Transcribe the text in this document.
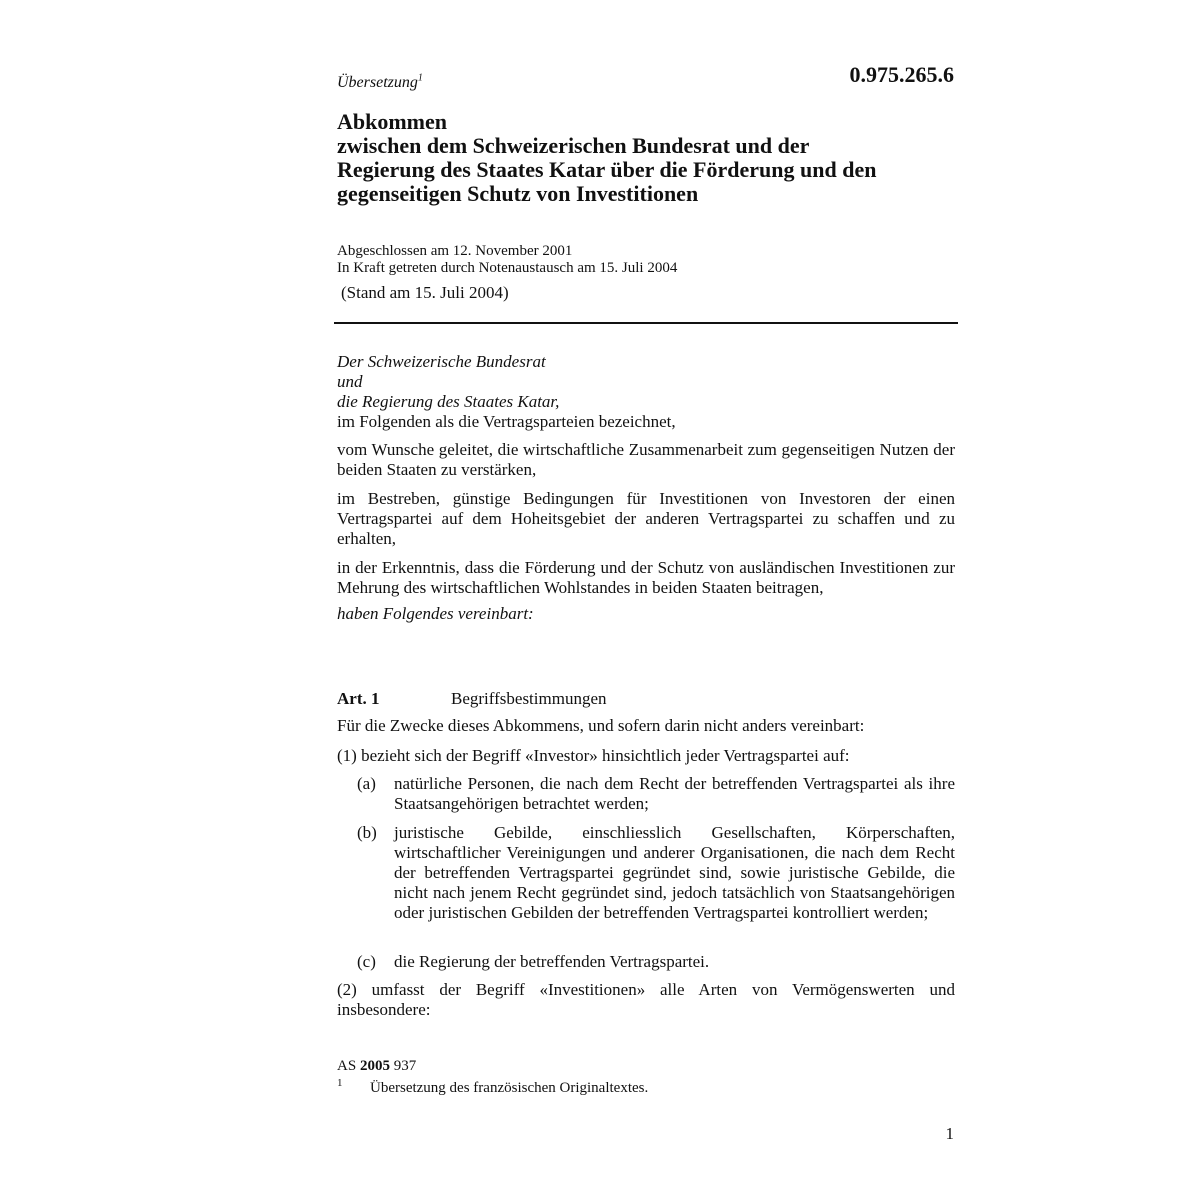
Übersetzung$^1$	0.975.265.6
Abkommen
zwischen dem Schweizerischen Bundesrat und der
Regierung des Staates Katar über die Förderung und den
gegenseitigen Schutz von Investitionen
Abgeschlossen am 12. November 2001
In Kraft getreten durch Notenaustausch am 15. Juli 2004
(Stand am 15. Juli 2004)
Der Schweizerische Bundesrat
und
die Regierung des Staates Katar,
im Folgenden als die Vertragsparteien bezeichnet,
vom Wunsche geleitet, die wirtschaftliche Zusammenarbeit zum gegenseitigen Nutzen der beiden Staaten zu verstärken,
im Bestreben, günstige Bedingungen für Investitionen von Investoren der einen Vertragspartei auf dem Hoheitsgebiet der anderen Vertragspartei zu schaffen und zu erhalten,
in der Erkenntnis, dass die Förderung und der Schutz von ausländischen Investitionen zur Mehrung des wirtschaftlichen Wohlstandes in beiden Staaten beitragen,
haben Folgendes vereinbart:
Art. 1	Begriffsbestimmungen
Für die Zwecke dieses Abkommens, und sofern darin nicht anders vereinbart:
(1) bezieht sich der Begriff «Investor» hinsichtlich jeder Vertragspartei auf:
(a) natürliche Personen, die nach dem Recht der betreffenden Vertragspartei als ihre Staatsangehörigen betrachtet werden;
(b) juristische Gebilde, einschliesslich Gesellschaften, Körperschaften, wirtschaftlicher Vereinigungen und anderer Organisationen, die nach dem Recht der betreffenden Vertragspartei gegründet sind, sowie juristische Gebilde, die nicht nach jenem Recht gegründet sind, jedoch tatsächlich von Staatsangehörigen oder juristischen Gebilden der betreffenden Vertragspartei kontrolliert werden;
(c) die Regierung der betreffenden Vertragspartei.
(2) umfasst der Begriff «Investitionen» alle Arten von Vermögenswerten und insbesondere:
AS 2005 937
1 Übersetzung des französischen Originaltextes.
1
